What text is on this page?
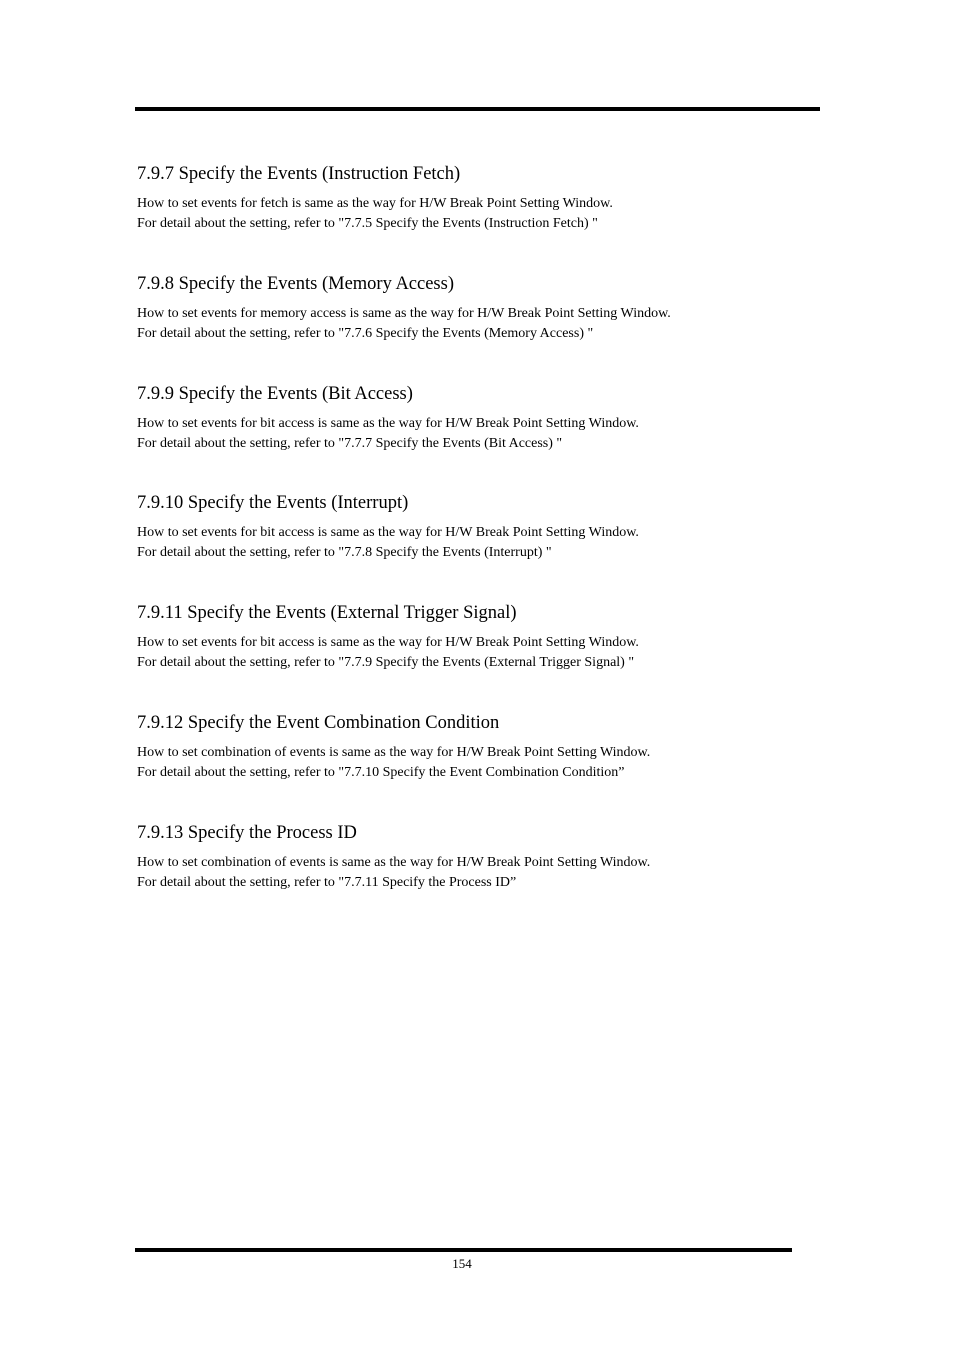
7.9.7 Specify the Events (Instruction Fetch)

How to set events for fetch is same as the way for H/W Break Point Setting Window.
For detail about the setting, refer to "7.7.5 Specify the Events (Instruction Fetch) "

7.9.8 Specify the Events (Memory Access)

How to set events for memory access is same as the way for H/W Break Point Setting Window.
For detail about the setting, refer to "7.7.6 Specify the Events (Memory Access) "

7.9.9 Specify the Events (Bit Access)

How to set events for bit access is same as the way for H/W Break Point Setting Window.
For detail about the setting, refer to "7.7.7 Specify the Events (Bit Access) "

7.9.10 Specify the Events (Interrupt)

How to set events for bit access is same as the way for H/W Break Point Setting Window.
For detail about the setting, refer to "7.7.8 Specify the Events (Interrupt) "

7.9.11 Specify the Events (External Trigger Signal)

How to set events for bit access is same as the way for H/W Break Point Setting Window.
For detail about the setting, refer to "7.7.9 Specify the Events (External Trigger Signal) "

7.9.12 Specify the Event Combination Condition

How to set combination of events is same as the way for H/W Break Point Setting Window.
For detail about the setting, refer to "7.7.10 Specify the Event Combination Condition”

7.9.13 Specify the Process ID

How to set combination of events is same as the way for H/W Break Point Setting Window.
For detail about the setting, refer to "7.7.11 Specify the Process ID”

154
